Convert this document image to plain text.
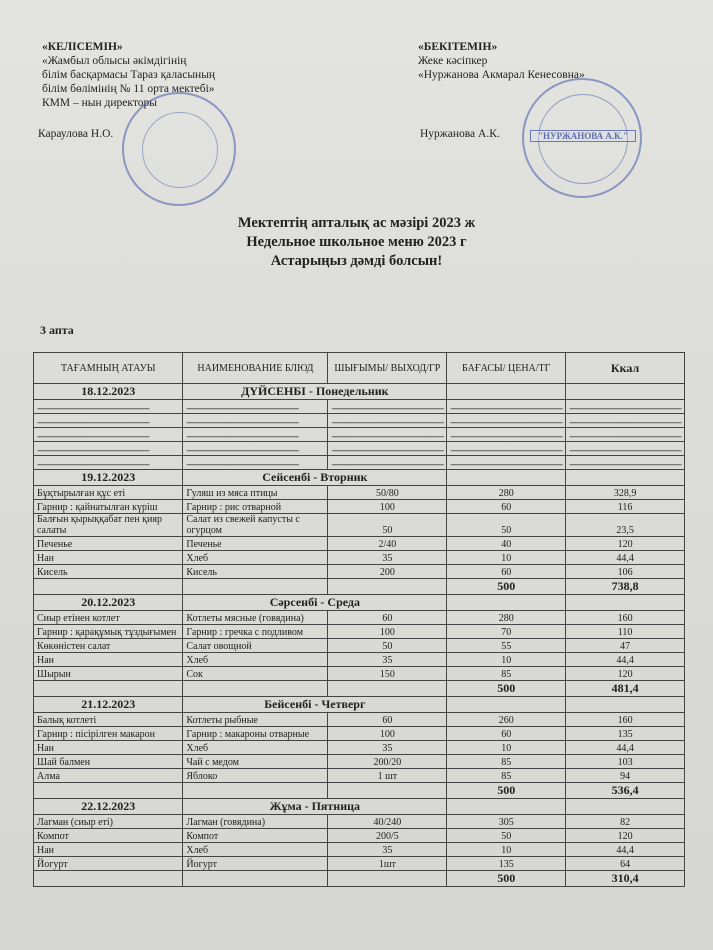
«КЕЛІСЕМІН»
«Жамбыл облысы әкімдігінің
білім басқармасы Тараз қаласының
білім бөлімінің № 11 орта мектебі»
КММ – нын директоры
«БЕКІТЕМІН»
Жеке кәсіпкер
«Нуржанова Акмарал Кенесовна»
"НУРЖАНОВА А.К."
Караулова Н.О.	Нуржанова А.К.
Мектептің апталық ас мәзірі 2023 ж
Недельное школьное меню 2023 г
Астарыңыз дәмді болсын!
3 апта
ТАҒАМНЫҢ АТАУЫ	НАИМЕНОВАНИЕ БЛЮД	ШЫҒЫМЫ/ ВЫХОД/ГР	БАҒАСЫ/ ЦЕНА/ТГ	Ккал
18.12.2023	ДҮЙСЕНБІ - Понедельник			
--------------------------------------------------------	--------------------------------------------------------	--------------------------------------------------------	--------------------------------------------------------	--------------------------------------------------------
--------------------------------------------------------	--------------------------------------------------------	--------------------------------------------------------	--------------------------------------------------------	--------------------------------------------------------
--------------------------------------------------------	--------------------------------------------------------	--------------------------------------------------------	--------------------------------------------------------	--------------------------------------------------------
--------------------------------------------------------	--------------------------------------------------------	--------------------------------------------------------	--------------------------------------------------------	--------------------------------------------------------
--------------------------------------------------------	--------------------------------------------------------	--------------------------------------------------------	--------------------------------------------------------	--------------------------------------------------------
19.12.2023	Сейсенбі - Вторник			
Бұқтырылған құс еті	Гуляш из мяса птицы	50/80	280	328,9
Гарнир : қайнатылған күріш	Гарнир : рис отварной	100	60	116
Балғын қырыққабат пен қияр салаты	Салат из свежей капусты с огурцом	50	50	23,5
Печенье	Печенье	2/40	40	120
Нан	Хлеб	35	10	44,4
Кисель	Кисель	200	60	106
			500	738,8
20.12.2023	Сәрсенбі - Среда			
Сиыр етінен котлет	Котлеты мясные (говядина)	60	280	160
Гарнир : қарақұмық тұздығымен	Гарнир : гречка с подливом	100	70	110
Көкөністен салат	Салат овощной	50	55	47
Нан	Хлеб	35	10	44,4
Шырын	Сок	150	85	120
			500	481,4
21.12.2023	Бейсенбі - Четверг			
Балық котлеті	Котлеты рыбные	60	260	160
Гарнир : пісірілген макарон	Гарнир : макароны отварные	100	60	135
Нан	Хлеб	35	10	44,4
Шай балмен	Чай с медом	200/20	85	103
Алма	Яблоко	1 шт	85	94
			500	536,4
22.12.2023	Жұма - Пятница			
Лагман (сиыр еті)	Лагман (говядина)	40/240	305	82
Компот	Компот	200/5	50	120
Нан	Хлеб	35	10	44,4
Йогурт	Йогурт	1шт	135	64
			500	310,4
